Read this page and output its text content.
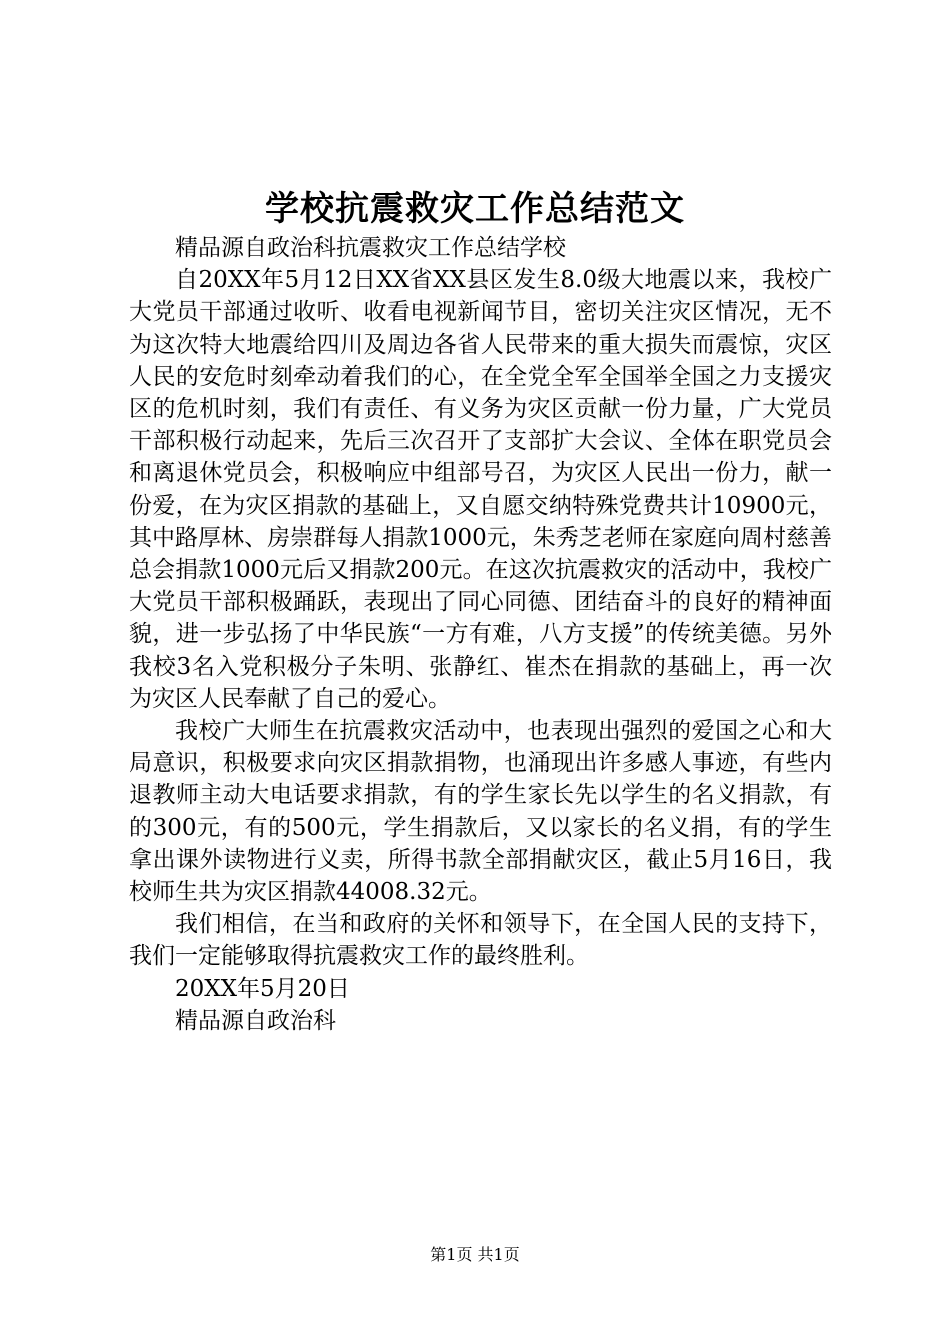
学校抗震救灾工作总结范文

精品源自政治科抗震救灾工作总结学校

自20XX年5月12日XX省XX县区发生8.0级大地震以来，我校广大党员干部通过收听、收看电视新闻节目，密切关注灾区情况，无不为这次特大地震给四川及周边各省人民带来的重大损失而震惊，灾区人民的安危时刻牵动着我们的心，在全党全军全国举全国之力支援灾区的危机时刻，我们有责任、有义务为灾区贡献一份力量，广大党员干部积极行动起来，先后三次召开了支部扩大会议、全体在职党员会和离退休党员会，积极响应中组部号召，为灾区人民出一份力，献一份爱，在为灾区捐款的基础上，又自愿交纳特殊党费共计10900元，其中路厚林、房崇群每人捐款1000元，朱秀芝老师在家庭向周村慈善总会捐款1000元后又捐款200元。在这次抗震救灾的活动中，我校广大党员干部积极踊跃，表现出了同心同德、团结奋斗的良好的精神面貌，进一步弘扬了中华民族“一方有难，八方支援”的传统美德。另外我校3名入党积极分子朱明、张静红、崔杰在捐款的基础上，再一次为灾区人民奉献了自己的爱心。

我校广大师生在抗震救灾活动中，也表现出强烈的爱国之心和大局意识，积极要求向灾区捐款捐物，也涌现出许多感人事迹，有些内退教师主动大电话要求捐款，有的学生家长先以学生的名义捐款，有的300元，有的500元，学生捐款后，又以家长的名义捐，有的学生拿出课外读物进行义卖，所得书款全部捐献灾区，截止5月16日，我校师生共为灾区捐款44008.32元。

我们相信，在当和政府的关怀和领导下，在全国人民的支持下，我们一定能够取得抗震救灾工作的最终胜利。

20XX年5月20日

精品源自政治科

第1页 共1页
